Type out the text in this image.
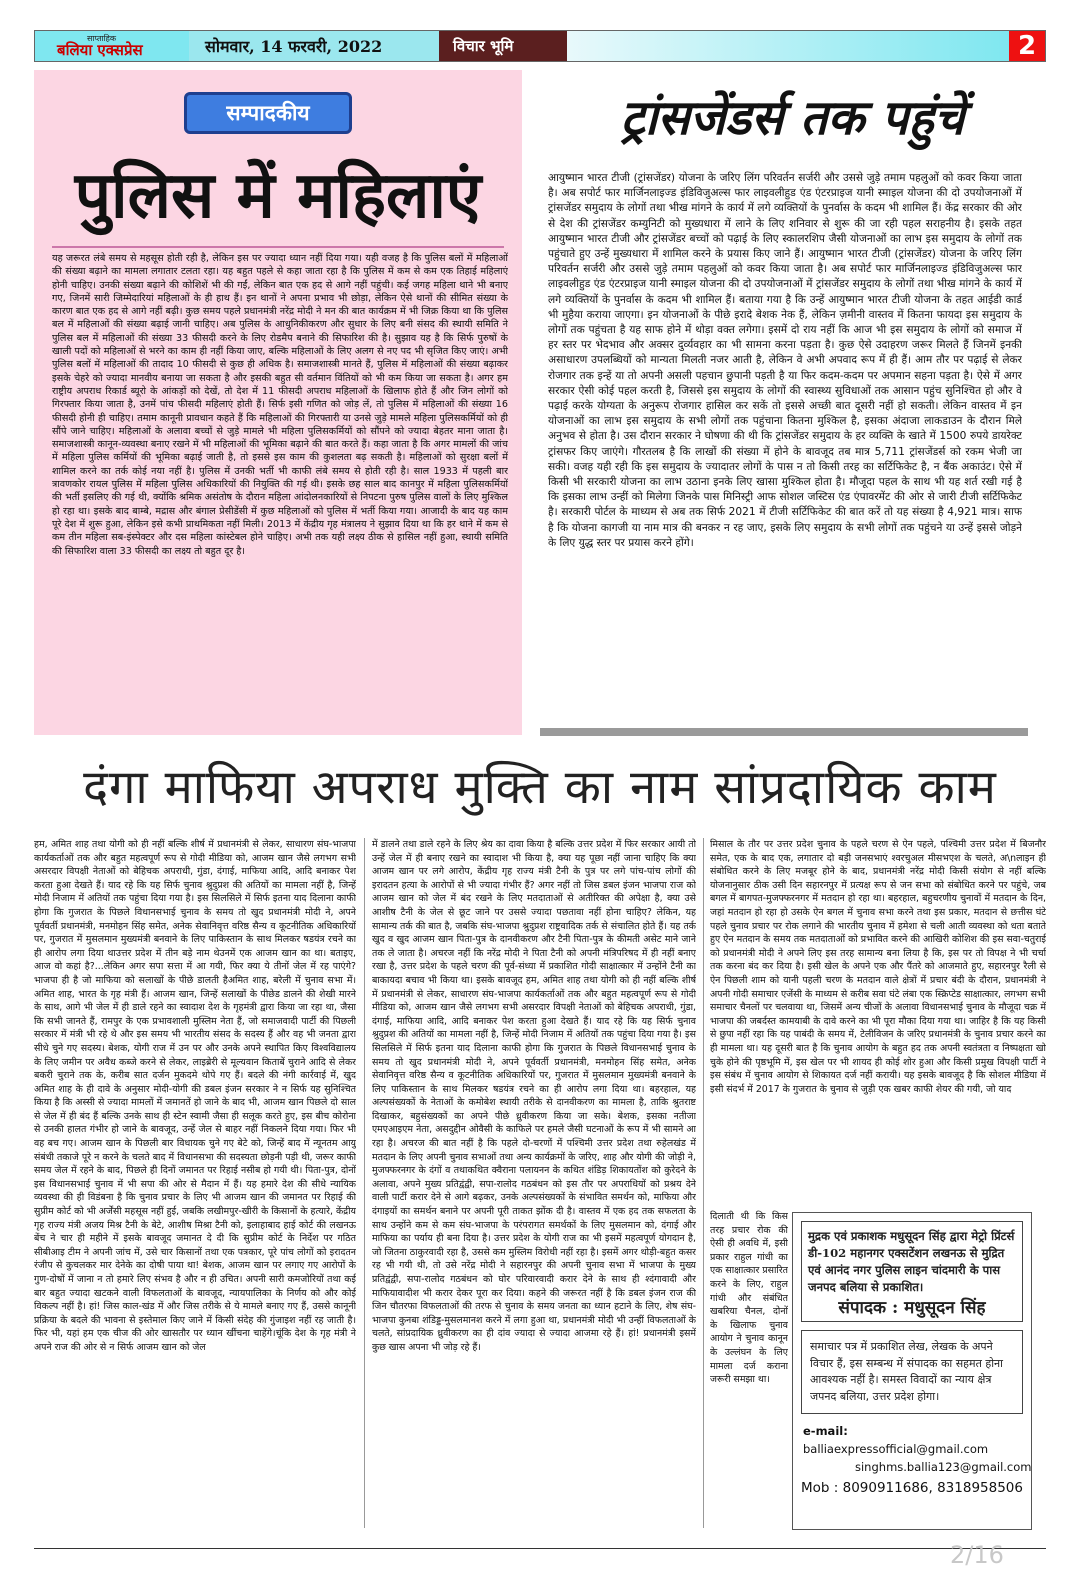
साप्ताहिक
बलिया एक्सप्रेस	सोमवार, 14 फरवरी, 2022	विचार भूमि	2
सम्पादकीय
पुलिस में महिलाएं
यह जरूरत लंबे समय से महसूस होती रही है, लेकिन इस पर ज्यादा ध्यान नहीं दिया गया। यही वजह है कि पुलिस बलों में महिलाओं की संख्या बढ़ाने का मामला लगातार टलता रहा। यह बहुत पहले से कहा जाता रहा है कि पुलिस में कम से कम एक तिहाई महिलाएं होनी चाहिए। उनकी संख्या बढ़ाने की कोशिशें भी की गईं, लेकिन बात एक हद से आगे नहीं पहुंची। कई जगह महिला थाने भी बनाए गए, जिनमें सारी जिम्मेदारियां महिलाओं के ही हाथ हैं। इन थानों ने अपना प्रभाव भी छोड़ा, लेकिन ऐसे थानों की सीमित संख्या के कारण बात एक हद से आगे नहीं बढ़ी। कुछ समय पहले प्रधानमंत्री नरेंद्र मोदी ने मन की बात कार्यक्रम में भी जिक्र किया था कि पुलिस बल में महिलाओं की संख्या बढ़ाई जानी चाहिए। अब पुलिस के आधुनिकीकरण और सुधार के लिए बनी संसद की स्थायी समिति ने पुलिस बल में महिलाओं की संख्या 33 फीसदी करने के लिए रोडमैप बनाने की सिफारिश की है। सुझाव यह है कि सिर्फ पुरुषों के खाली पदों को महिलाओं से भरने का काम ही नहीं किया जाए, बल्कि महिलाओं के लिए अलग से नए पद भी सृजित किए जाएं। अभी पुलिस बलों में महिलाओं की तादाद 10 फीसदी से कुछ ही अधिक है। समाजशास्त्री मानते हैं, पुलिस में महिलाओं की संख्या बढ़ाकर इसके चेहरे को ज्यादा मानवीय बनाया जा सकता है और इसकी बहुत सी वर्तमान विंतियों को भी कम किया जा सकता है। अगर हम राष्ट्रीय अपराध रिकार्ड ब्यूरो के आंकड़ों को देखें, तो देश में 11 फीसदी अपराध महिलाओं के खिलाफ होते हैं और जिन लोगों को गिरफ्तार किया जाता है, उनमें पांच फीसदी महिलाएं होती हैं। सिर्फ इसी गणित को जोड़ लें, तो पुलिस में महिलाओं की संख्या 16 फीसदी होनी ही चाहिए। तमाम कानूनी प्रावधान कहते हैं कि महिलाओं की गिरफ्तारी या उनसे जुड़े मामले महिला पुलिसकर्मियों को ही सौंपे जाने चाहिए। महिलाओं के अलावा बच्चों से जुड़े मामले भी महिला पुलिसकर्मियों को सौंपने को ज्यादा बेहतर माना जाता है। समाजशास्त्री कानून-व्यवस्था बनाए रखने में भी महिलाओं की भूमिका बढ़ाने की बात करते हैं। कहा जाता है कि अगर मामलों की जांच में महिला पुलिस कर्मियों की भूमिका बढ़ाई जाती है, तो इससे इस काम की कुशलता बढ़ सकती है। महिलाओं को सुरक्षा बलों में शामिल करने का तर्क कोई नया नहीं है। पुलिस में उनकी भर्ती भी काफी लंबे समय से होती रही है। साल 1933 में पहली बार त्रावणकोर रायल पुलिस में महिला पुलिस अधिकारियों की नियुक्ति की गई थी। इसके छह साल बाद कानपुर में महिला पुलिसकर्मियों की भर्ती इसलिए की गई थी, क्योंकि श्रमिक असंतोष के दौरान महिला आंदोलनकारियों से निपटना पुरुष पुलिस वालों के लिए मुश्किल हो रहा था। इसके बाद बाम्बे, मद्रास और बंगाल प्रेसीडेंसी में कुछ महिलाओं को पुलिस में भर्ती किया गया। आजादी के बाद यह काम पूरे देश में शुरू हुआ, लेकिन इसे कभी प्राथमिकता नहीं मिली। 2013 में केंद्रीय गृह मंत्रालय ने सुझाव दिया था कि हर थाने में कम से कम तीन महिला सब-इंस्पेक्टर और दस महिला कांस्टेबल होने चाहिए। अभी तक यही लक्ष्य ठीक से हासिल नहीं हुआ, स्थायी समिति की सिफारिश वाला 33 फीसदी का लक्ष्य तो बहुत दूर है।
ट्रांसजेंडर्स तक पहुंचें
आयुष्मान भारत टीजी (ट्रांसजेंडर) योजना के जरिए लिंग परिवर्तन सर्जरी और उससे जुड़े तमाम पहलुओं को कवर किया जाता है। अब सपोर्ट फार मार्जिनलाइज्ड इंडिविजुअल्स फार लाइवलीहुड एंड एंटरप्राइज यानी स्माइल योजना की दो उपयोजनाओं में ट्रांसजेंडर समुदाय के लोगों तथा भीख मांगने के कार्य में लगे व्यक्तियों के पुनर्वास के कदम भी शामिल हैं। केंद्र सरकार की ओर से देश की ट्रांसजेंडर कम्युनिटी को मुख्यधारा में लाने के लिए शनिवार से शुरू की जा रही पहल सराहनीय है। इसके तहत आयुष्मान भारत टीजी और ट्रांसजेंडर बच्चों को पढ़ाई के लिए स्कालरशिप जैसी योजनाओं का लाभ इस समुदाय के लोगों तक पहुंचाते हुए उन्हें मुख्यधारा में शामिल करने के प्रयास किए जाने हैं। आयुष्मान भारत टीजी (ट्रांसजेंडर) योजना के जरिए लिंग परिवर्तन सर्जरी और उससे जुड़े तमाम पहलुओं को कवर किया जाता है। अब सपोर्ट फार मार्जिनलाइज्ड इंडिविजुअल्स फार लाइवलीहुड एंड एंटरप्राइज यानी स्माइल योजना की दो उपयोजनाओं में ट्रांसजेंडर समुदाय के लोगों तथा भीख मांगने के कार्य में लगे व्यक्तियों के पुनर्वास के कदम भी शामिल हैं। बताया गया है कि उन्हें आयुष्मान भारत टीजी योजना के तहत आईडी कार्ड भी मुहैया कराया जाएगा। इन योजनाओं के पीछे इरादे बेशक नेक हैं, लेकिन ज़मीनी वास्तव में कितना फायदा इस समुदाय के लोगों तक पहुंचता है यह साफ होने में थोड़ा वक्त लगेगा। इसमें दो राय नहीं कि आज भी इस समुदाय के लोगों को समाज में हर स्तर पर भेदभाव और अक्सर दुर्व्यवहार का भी सामना करना पड़ता है। कुछ ऐसे उदाहरण जरूर मिलते हैं जिनमें इनकी असाधारण उपलब्धियों को मान्यता मिलती नजर आती है, लेकिन वे अभी अपवाद रूप में ही हैं। आम तौर पर पढ़ाई से लेकर रोजगार तक इन्हें या तो अपनी असली पहचान छुपानी पड़ती है या फिर कदम-कदम पर अपमान सहना पड़ता है। ऐसे में अगर सरकार ऐसी कोई पहल करती है, जिससे इस समुदाय के लोगों की स्वास्थ्य सुविधाओं तक आसान पहुंच सुनिश्चित हो और वे पढ़ाई करके योग्यता के अनुरूप रोजगार हासिल कर सकें तो इससे अच्छी बात दूसरी नहीं हो सकती। लेकिन वास्तव में इन योजनाओं का लाभ इस समुदाय के सभी लोगों तक पहुंचाना कितना मुश्किल है, इसका अंदाजा लाकडाउन के दौरान मिले अनुभव से होता है। उस दौरान सरकार ने घोषणा की थी कि ट्रांसजेंडर समुदाय के हर व्यक्ति के खाते में 1500 रुपये डायरेक्ट ट्रांसफर किए जाएंगे। गौरतलब है कि लाखों की संख्या में होने के बावजूद तब मात्र 5,711 ट्रांसजेंडर्स को रकम भेजी जा सकी। वजह यही रही कि इस समुदाय के ज्यादातर लोगों के पास न तो किसी तरह का सर्टिफिकेट है, न बैंक अकाउंट। ऐसे में किसी भी सरकारी योजना का लाभ उठाना इनके लिए खासा मुश्किल होता है। मौजूदा पहल के साथ भी यह शर्त रखी गई है कि इसका लाभ उन्हीं को मिलेगा जिनके पास मिनिस्ट्री आफ सोशल जस्टिस एंड एंपावरमेंट की ओर से जारी टीजी सर्टिफिकेट है। सरकारी पोर्टल के माध्यम से अब तक सिर्फ 2021 में टीजी सर्टिफिकेट की बात करें तो यह संख्या है 4,921 मात्र। साफ है कि योजना कागजी या नाम मात्र की बनकर न रह जाए, इसके लिए समुदाय के सभी लोगों तक पहुंचने या उन्हें इससे जोड़ने के लिए युद्ध स्तर पर प्रयास करने होंगे।
दंगा माफिया अपराध मुक्ति का नाम सांप्रदायिक काम
हम, अमित शाह तथा योगी को ही नहीं बल्कि शीर्ष में प्रधानमंत्री से लेकर, साधारण संघ-भाजपा कार्यकर्ताओं तक और बहुत महत्वपूर्ण रूप से गोदी मीडिया को, आजम खान जैसे लगभग सभी असरदार विपक्षी नेताओं को बेहिचक अपराधी, गुंडा, दंगाई, माफिया आदि, आदि बनाकर पेश करता हुआ देखते हैं। याद रहे कि यह सिर्फ चुनाव श्रुदुप्रश की अतियों का मामला नहीं है, जिन्हें मोदी निजाम में अतियों तक पहुंचा दिया गया है। इस सिलसिले में सिर्फ इतना याद दिलाना काफी होगा कि गुजरात के पिछले विधानसभाई चुनाव के समय तो खुद प्रधानमंत्री मोदी ने, अपने पूर्ववर्ती प्रधानमंत्री, मनमोहन सिंह समेत, अनेक सेवानिवृत्त वरिष्ठ सैन्य व कूटनीतिक अधिकारियों पर, गुजरात में मुसलमान मुख्यमंत्री बनवाने के लिए पाकिस्तान के साथ मिलकर षडयंत्र रचने का ही आरोप लगा दिया थाउत्तर प्रदेश में तीन बड़े नाम थेउनमें एक आजम खान का था। बताइए, आज वो कहां है?...लेकिन अगर सपा सत्ता में आ गयी, फिर क्या ये तीनों जेल में रह पाएंगे? भाजपा ही है जो माफिया को सलाखों के पीछे डालती हैअमित शाह, बरेली में चुनाव सभा में। अमित शाह, भारत के गृह मंत्री हैं। आजम खान, जिन्हें सलाखों के पीछेड डालने की शेखी मारने के साथ, आगे भी जेल में ही डाले रहने का स्वादाश देश के गृहमंत्री द्वारा किया जा रहा था, जैसा कि सभी जानते हैं, रामपुर के एक प्रभावशाली मुस्लिम नेता हैं, जो समाजवादी पार्टी की पिछली सरकार में मंत्री भी रहे थे और इस समय भी भारतीय संसद के सदस्य हैं और वह भी जनता द्वारा सीधे चुने गए सदस्य। बेशक, योगी राज में उन पर और उनके अपने स्थापित किए विश्वविद्यालय के लिए जमीन पर अवैध कब्जे करने से लेकर, लाइब्रेरी से मूल्यवान किताबें चुराने आदि से लेकर बकरी चुराने तक के, करीब सात दर्जन मुकदमे थोपे गए हैं। बदले की नंगी कार्रवाई में, खुद अमित शाह के ही दावे के अनुसार मोदी-योगी की डबल इंजन सरकार ने न सिर्फ यह सुनिश्चित किया है कि अस्सी से ज्यादा मामलों में जमानतें हो जाने के बाद भी, आजम खान पिछले दो साल से जेल में ही बंद हैं बल्कि उनके साथ ही स्टेन स्वामी जैसा ही सलूक करते हुए, इस बीच कोरोना से उनकी हालत गंभीर हो जाने के बावजूद, उन्हें जेल से बाहर नहीं निकलने दिया गया। फिर भी वह बच गए। आजम खान के पिछली बार विधायक चुने गए बेटे को, जिन्हें बाद में न्यूनतम आयु संबंधी तकाजे पूरे न करने के चलते बाद में विधानसभा की सदस्यता छोड़नी पड़ी थी, जरूर काफी समय जेल में रहने के बाद, पिछले ही दिनों जमानत पर रिहाई नसीब हो गयी थी। पिता-पुत्र, दोनों इस विधानसभाई चुनाव में भी सपा की ओर से मैदान में हैं। यह हमारे देश की सीधे न्यायिक व्यवस्था की ही विडंबना है कि चुनाव प्रचार के लिए भी आजम खान की जमानत पर रिहाई की सुप्रीम कोर्ट को भी अर्जेंसी महसूस नहीं हुई, जबकि लखीमपुर-खीरी के किसानों के हत्यारे, केंद्रीय गृह राज्य मंत्री अजय मिश्र टैनी के बेटे, आशीष मिश्रा टैनी को, इलाहाबाद हाई कोर्ट की लखनऊ बेंच ने चार ही महीने में इसके बावजूद जमानत दे दी कि सुप्रीम कोर्ट के निर्देश पर गठित सीबीआइ टीम ने अपनी जांच में, उसे चार किसानों तथा एक पत्रकार, पूरे पांच लोगों को इरादतन रंजीप से कुचलकर मार देनेके का दोषी पाया था! बेशक, आजम खान पर लगाए गए आरोपों के गुण-दोषों में जाना न तो हमारे लिए संभव है और न ही उचित। अपनी सारी कमजोरियों तथा कई बार बहुत ज्यादा खटकने वाली विफलताओं के बावजूद, न्यायपालिका के निर्णय को और कोई विकल्प नहीं है। हां! जिस काल-खंड में और जिस तरीके से ये मामले बनाए गए हैं, उससे कानूनी प्रक्रिया के बदले की भावना से इस्तेमाल किए जाने में किसी संदेह की गुंजाइश नहीं रह जाती है। फिर भी, यहां हम एक चीज की ओर खासतौर पर ध्यान खींचना चाहेंगे।चूंकि देश के गृह मंत्री ने अपने राज की ओर से न सिर्फ आजम खान को जेल
में डालने तथा डाले रहने के लिए श्रेय का दावा किया है बल्कि उत्तर प्रदेश में फिर सरकार आयी तो उन्हें जेल में ही बनाए रखने का स्वादाश भी किया है, क्या यह पूछा नहीं जाना चाहिए कि क्या आजम खान पर लगे आरोप, केंद्रीय गृह राज्य मंत्री टैनी के पुत्र पर लगे पांच-पांच लोगों की इरादतन हत्या के आरोपों से भी ज्यादा गंभीर हैं? अगर नहीं तो जिस डबल इंजन भाजपा राज को आजम खान को जेल में बंद रखने के लिए मतदाताओं से अतीरिक्त की अपेक्षा है, क्या उसे आशीष टैनी के जेल से छूट जाने पर उससे ज्यादा पछतावा नहीं होना चाहिए? लेकिन, यह सामान्य तर्क की बात है, जबकि संघ-भाजपा श्रुदुप्रश राष्ट्रवादिक तर्क से संचालित होते हैं। यह तर्क खुद व खुद आजम खान पिता-पुत्र के दानवीकरण और टैनी पिता-पुत्र के कीमती असेट माने जाने तक ले जाता है। अचरज नहीं कि नरेंद्र मोदी ने पिता टैनी को अपनी मंत्रिपरिषद में ही नहीं बनाए रखा है, उत्तर प्रदेश के पहले चरण की पूर्व-संध्या में प्रकाशित गोदी साक्षात्कार में उन्होंने टैनी का बाकायदा बचाव भी किया था। इसके बावजूद हम, अमित शाह तथा योगी को ही नहीं बल्कि शीर्ष में प्रधानमंत्री से लेकर, साधारण संघ-भाजपा कार्यकर्ताओं तक और बहुत महत्वपूर्ण रूप से गोदी मीडिया को, आजम खान जैसे लगभग सभी असरदार विपक्षी नेताओं को बेहिचक अपराधी, गुंडा, दंगाई, माफिया आदि, आदि बनाकर पेश करता हुआ देखते हैं। याद रहे कि यह सिर्फ चुनाव श्रुदुप्रश की अतियों का मामला नहीं है, जिन्हें मोदी निजाम में अतियों तक पहुंचा दिया गया है। इस सिलसिले में सिर्फ इतना याद दिलाना काफी होगा कि गुजरात के पिछले विधानसभाई चुनाव के समय तो खुद प्रधानमंत्री मोदी ने, अपने पूर्ववर्ती प्रधानमंत्री, मनमोहन सिंह समेत, अनेक सेवानिवृत्त वरिष्ठ सैन्य व कूटनीतिक अधिकारियों पर, गुजरात में मुसलमान मुख्यमंत्री बनवाने के लिए पाकिस्तान के साथ मिलकर षडयंत्र रचने का ही आरोप लगा दिया था। बहरहाल, यह अल्पसंख्यकों के नेताओं के कमोबेश स्थायी तरीके से दानवीकरण का मामला है, ताकि श्रुतराष्ट दिखाकर, बहुसंख्यकों का अपने पीछे ध्रुवीकरण किया जा सके। बेशक, इसका नतीजा एमएआइएम नेता, असदुद्दीन ओवैसी के काफिले पर हमले जैसी घटनाओं के रूप में भी सामने आ रहा है। अचरज की बात नहीं है कि पहले दो-चरणों में पश्चिमी उत्तर प्रदेश तथा रुहेलखंड में मतदान के लिए अपनी चुनाव सभाओं तथा अन्य कार्यक्रमों के जरिए, शाह और योगी की जोड़ी ने, मुजफ्फरनगर के दंगों व तथाकथित क्वैराना पलायनन के कथित शंडिड़ शिकायतोंश को कुरेदने के अलावा, अपने मुख्य प्रतिद्वंद्वी, सपा-रालोद गठबंधन को इस तौर पर अपराधियों को प्रश्रय देने वाली पार्टी करार देने से आगे बढ़कर, उनके अल्पसंख्यकों के संभावित समर्थन को, माफिया और दंगाइयों का समर्थन बनाने पर अपनी पूरी ताकत झोंक दी है। वास्तव में एक हद तक सफलता के साथ उन्होंने कम से कम संघ-भाजपा के परंपरागत समर्थकों के लिए मुसलमान को, दंगाई और माफिया का पर्याय ही बना दिया है। उत्तर प्रदेश के योगी राज का भी इसमें महत्वपूर्ण योगदान है, जो जितना ठाकुरवादी रहा है, उससे कम मुस्लिम विरोधी नहीं रहा है। इसमें अगर थोड़ी-बहुत कसर रह भी गयी थी, तो उसे नरेंद्र मोदी ने सहारनपुर की अपनी चुनाव सभा में भाजपा के मुख्य प्रतिद्वंद्वी, सपा-रालोद गठबंधन को घोर परिवारवादी करार देने के साथ ही श्दंगावादी और माफियावादीश भी करार देकर पूरा कर दिया। कहने की जरूरत नहीं है कि डबल इंजन राज की जिन चौतरफा विफलताओं की तरफ से चुनाव के समय जनता का ध्यान हटाने के लिए, शेष संघ-भाजपा कुनबा शंडिड्ड-मुसलमानश करने में लगा हुआ था, प्रधानमंत्री मोदी भी उन्हीं विफलताओं के चलते, सांप्रदायिक ध्रुवीकरण का ही दांव ज्यादा से ज्यादा आजमा रहे हैं। हां! प्रधानमंत्री इसमें कुछ खास अपना भी जोड़ रहे हैं।
मिसाल के तौर पर उत्तर प्रदेश चुनाव के पहले चरण से ऐन पहले, पश्चिमी उत्तर प्रदेश में बिजनौर समेत, एक के बाद एक, लगातार दो बड़ी जनसभाएं श्वरचुअल मीसभएश के चलते, अ\nलाइन ही संबोधित करने के लिए मजबूर होने के बाद, प्रधानमंत्री नरेंद्र मोदी किसी संयोग से नहीं बल्कि योजनानुसार ठीक उसी दिन सहारनपुर में प्रत्यक्ष रूप से जन सभा को संबोधित करने पर पहुंचे, जब बगल में बागपत-मुजफ्फरनगर में मतदान हो रहा था। बहरहाल, बहुचरणीय चुनावों में मतदान के दिन, जहां मतदान हो रहा हो उसके ऐन बगल में चुनाव सभा करने तथा इस प्रकार, मतदान से छत्तीस घंटे पहले चुनाव प्रचार पर रोक लगाने की भारतीय चुनाव में हमेशा से चली आती व्यवस्था को धता बताते हुए ऐन मतदान के समय तक मतदाताओं को प्रभावित करने की आखिरी कोशिश की इस सवा-चतुराई को प्रधानमंत्री मोदी ने अपने लिए इस तरह सामान्य बना लिया है कि, इस पर तो विपक्ष ने भी चर्चा तक करना बंद कर दिया है। इसी खेल के अपने एक और पैंतरे को आजमाते हुए, सहारनपुर रैली से ऐन पिछली शाम को यानी पहली चरण के मतदान वाले क्षेत्रों में प्रचार बंदी के दौरान, प्रधानमंत्री ने अपनी गोदी समाचार एजेंसी के माध्यम से करीब सवा घंटे लंबा एक स्क्रिप्टेड साक्षात्कार, लगभग सभी समाचार चैनलों पर चलवाया था, जिसमें अन्य चीजों के अलावा विधानसभाई चुनाव के मौजूदा चक्र में भाजपा की जबर्दस्त कामयाबी के दावे करने का भी पूरा मौका दिया गया था। जाहिर है कि यह किसी से छुपा नहीं रहा कि यह पाबंदी के समय में, टेलीविजन के जरिए प्रधानमंत्री के चुनाव प्रचार करने का ही मामला था। यह दूसरी बात है कि चुनाव आयोग के बहुत हद तक अपनी स्वतंत्रता व निष्पक्षता खो चुके होने की पृष्ठभूमि में, इस खेल पर भी शायद ही कोई शोर हुआ और किसी प्रमुख विपक्षी पार्टी ने इस संबंध में चुनाव आयोग से शिकायत दर्ज नहीं करायी। यह इसके बावजूद है कि सोशल मीडिया में इसी संदर्भ में 2017 के गुजरात के चुनाव से जुड़ी एक खबर काफी शेयर की गयी, जो याद
दिलाती थी कि किस तरह प्रचार रोक की ऐसी ही अवधि में, इसी प्रकार राहुल गांधी का एक साक्षात्कार प्रसारित करने के लिए, राहुल गांधी और संबंधित खबरिया चैनल, दोनों के खिलाफ चुनाव आयोग ने चुनाव कानून के उल्लंघन के लिए मामला दर्ज कराना जरूरी समझा था।
मुद्रक एवं प्रकाशक मधुसूदन सिंह द्वारा मेट्रो प्रिंटर्स डी-102 महानगर एक्सटेंशन लखनऊ से मुद्रित एवं आनंद नगर पुलिस लाइन चांदमारी के पास जनपद बलिया से प्रकाशित।
संपादक : मधुसूदन सिंह
समाचार पत्र में प्रकाशित लेख, लेखक के अपने विचार हैं, इस सम्बन्ध में संपादक का सहमत होना आवश्यक नहीं है। समस्त विवादों का न्याय क्षेत्र जपनद बलिया, उत्तर प्रदेश होगा।
e-mail: balliaexpressofficial@gmail.com
singhms.ballia123@gmail.com
Mob : 8090911686, 8318958506
2/16
